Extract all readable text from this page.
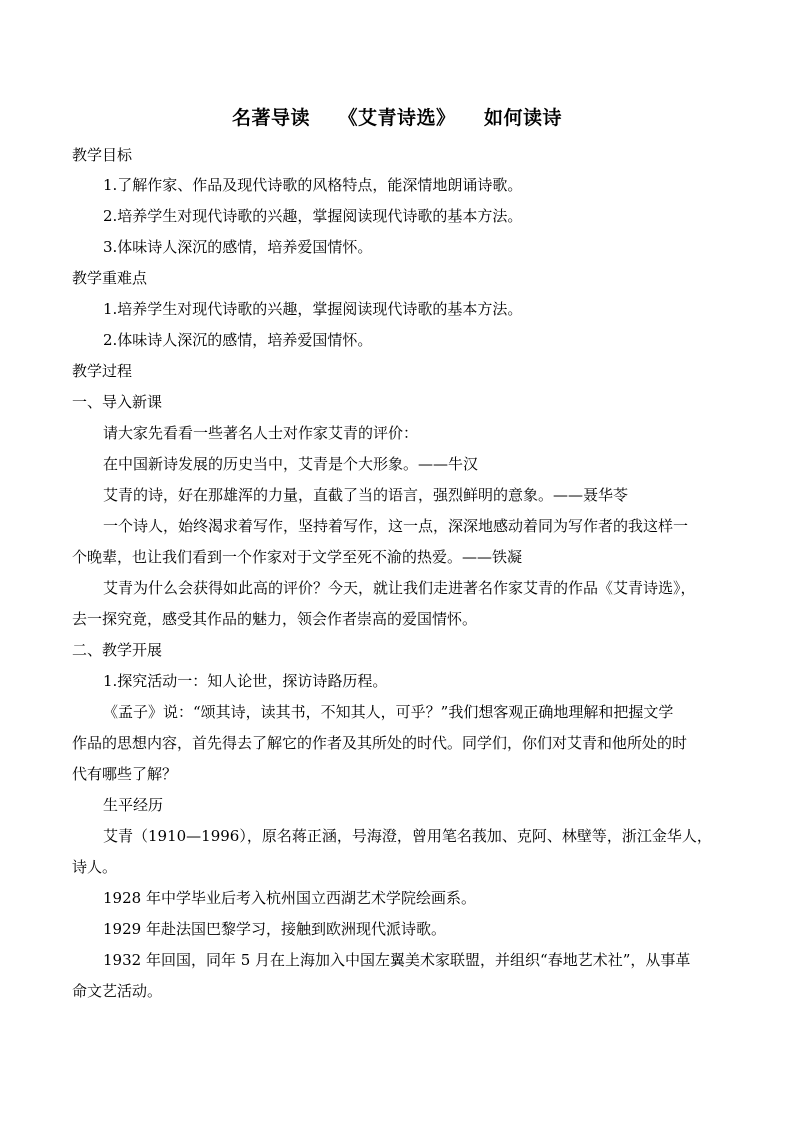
名著导读    《艾青诗选》    如何读诗
教学目标
1.了解作家、作品及现代诗歌的风格特点，能深情地朗诵诗歌。
2.培养学生对现代诗歌的兴趣，掌握阅读现代诗歌的基本方法。
3.体味诗人深沉的感情，培养爱国情怀。
教学重难点
1.培养学生对现代诗歌的兴趣，掌握阅读现代诗歌的基本方法。
2.体味诗人深沉的感情，培养爱国情怀。
教学过程
一、导入新课
请大家先看看一些著名人士对作家艾青的评价：
在中国新诗发展的历史当中，艾青是个大形象。——牛汉
艾青的诗，好在那雄浑的力量，直截了当的语言，强烈鲜明的意象。——聂华苓
一个诗人，始终渴求着写作，坚持着写作，这一点，深深地感动着同为写作者的我这样一
个晚辈，也让我们看到一个作家对于文学至死不渝的热爱。——铁凝
艾青为什么会获得如此高的评价？今天，就让我们走进著名作家艾青的作品《艾青诗选》，
去一探究竟，感受其作品的魅力，领会作者崇高的爱国情怀。
二、教学开展
1.探究活动一：知人论世，探访诗路历程。
《孟子》说：“颂其诗，读其书，不知其人，可乎？”我们想客观正确地理解和把握文学
作品的思想内容，首先得去了解它的作者及其所处的时代。同学们，你们对艾青和他所处的时
代有哪些了解？
生平经历
艾青（1910—1996），原名蒋正涵，号海澄，曾用笔名莪加、克阿、林壁等，浙江金华人，
诗人。
1928 年中学毕业后考入杭州国立西湖艺术学院绘画系。
1929 年赴法国巴黎学习，接触到欧洲现代派诗歌。
1932 年回国，同年 5 月在上海加入中国左翼美术家联盟，并组织“春地艺术社”，从事革
命文艺活动。
